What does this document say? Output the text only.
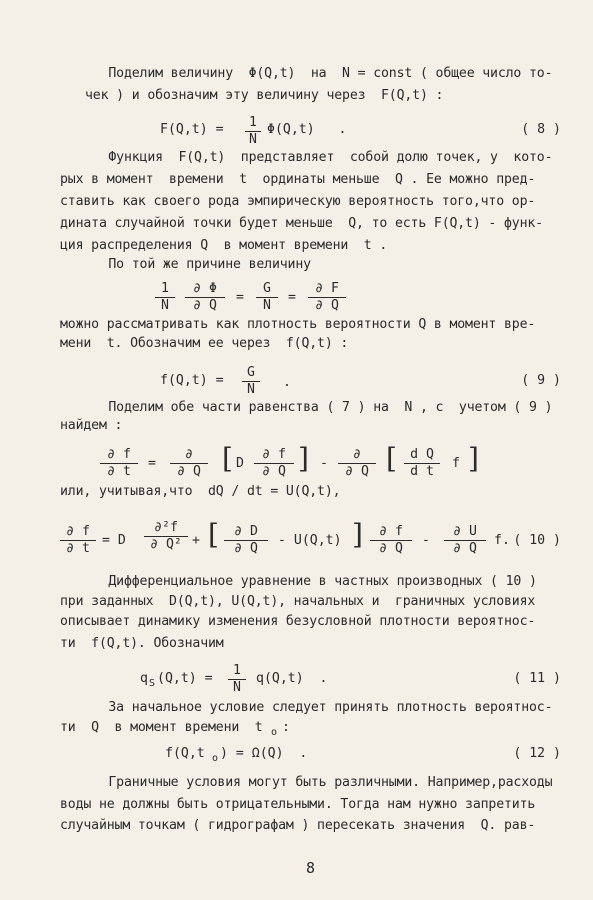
Поделим величину  Φ(Q,t)  на  N = const ( общее число то-
чек ) и обозначим эту величину через  F(Q,t) :
F(Q,t) =	1
N
Φ(Q,t)   .	( 8 )
Функция  F(Q,t)  представляет  собой долю точек, у  кото-
рых в момент  времени  t  ординаты меньше  Q . Ее можно пред-
ставить как своего рода эмпирическую вероятность того,что ор-
дината случайной точки будет меньше  Q, то есть F(Q,t) - функ-
ция распределения Q  в момент времени  t .
По той же причине величину
1
N
∂ Φ
∂ Q
=
G
N
=
∂ F
∂ Q
можно рассматривать как плотность вероятности Q в момент вре-
мени  t. Обозначим ее через  f(Q,t) :
f(Q,t) =
G
N	.	( 9 )
Поделим обе части равенства ( 7 ) на  N , с  учетом ( 9 )
найдем :
∂ f
∂ t
=
∂
∂ Q [ D
∂ f
∂ Q ] -
∂
∂ Q [ d Q
d t
f ]
или, учитывая,что  dQ / dt = U(Q,t),
∂ f
∂ t
= D
∂²f
∂ Q² + [	∂ D
∂ Q
- U(Q,t) ]	∂ f
∂ Q
-
∂ U
∂ Q
f. ( 10 )
Дифференциальное уравнение в частных производных ( 10 )
при заданных  D(Q,t), U(Q,t), начальных и  граничных условиях
описывает динамику изменения безусловной плотности вероятнос-
ти  f(Q,t). Обозначим
q S (Q,t) =
1
N
q(Q,t)  .	( 11 )
За начальное условие следует принять плотность вероятнос-
ти  Q  в момент времени  t o :
f(Q,t o ) = Ω(Q)  .	( 12 )
Граничные условия могут быть различными. Например,расходы
воды не должны быть отрицательными. Тогда нам нужно запретить
случайным точкам ( гидрографам ) пересекать значения  Q. рав-
8
